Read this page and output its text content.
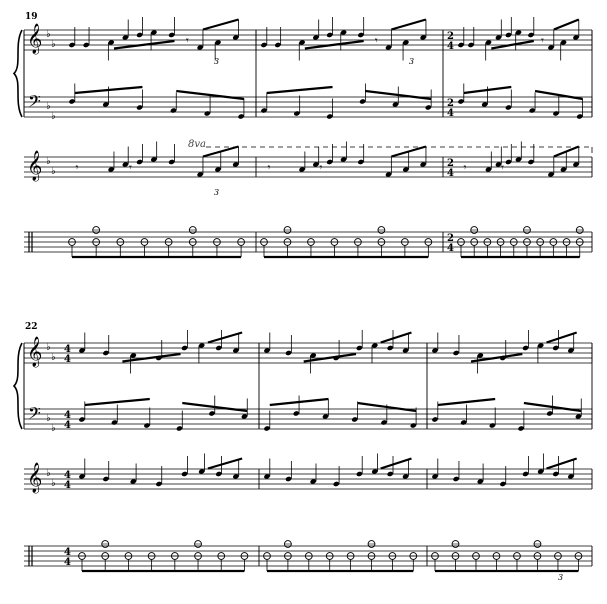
𝄞
𝄢
𝄞
♭
♭
♭
♭
♭
♭
2
4
2
4
2
4
2
4
𝄾
𝄾	𝄾
𝄾
𝄾	𝄾
𝄾
𝄾	𝄾
𝄞
𝄢
𝄞
♭
♭
♭
♭
♭
♭
4
4
4
4
4
4
4
4
3	3
3
3
19
22
8va
